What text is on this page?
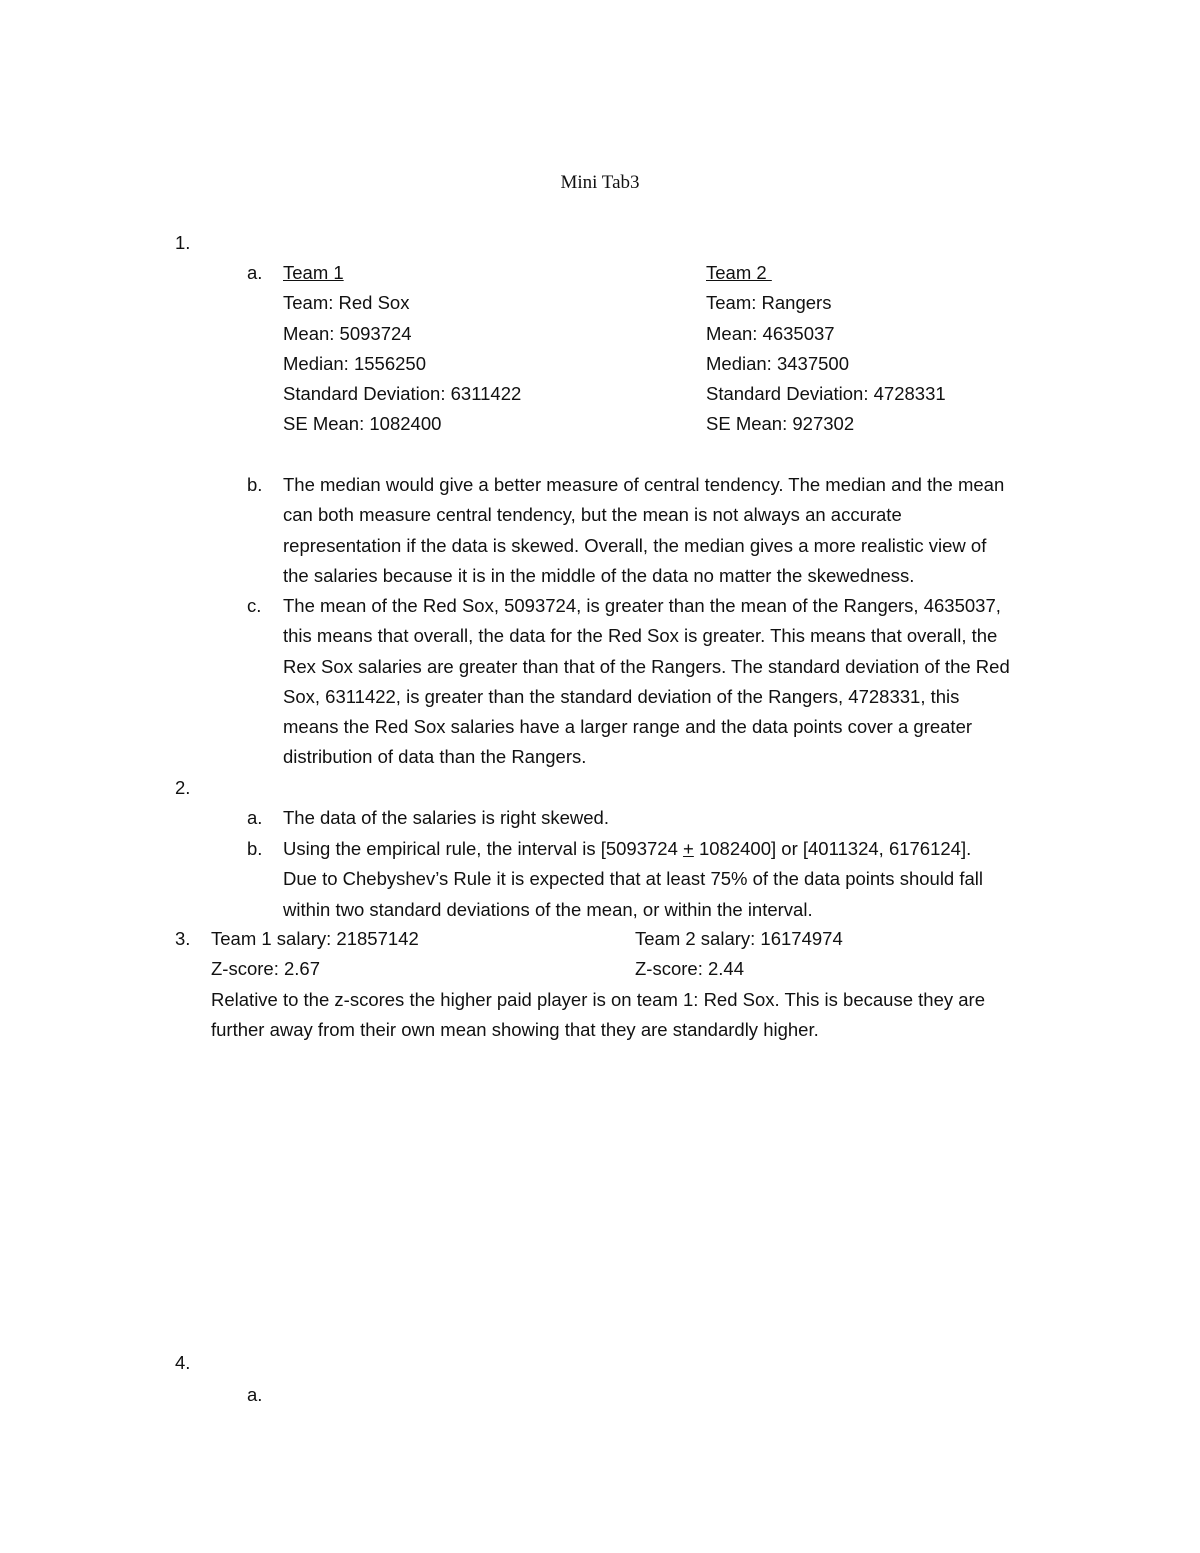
Mini Tab3
1.
a. Team 1
Team: Red Sox
Mean: 5093724
Median: 1556250
Standard Deviation: 6311422
SE Mean: 1082400
Team 2
Team: Rangers
Mean: 4635037
Median: 3437500
Standard Deviation: 4728331
SE Mean: 927302
b. The median would give a better measure of central tendency. The median and the mean
can both measure central tendency, but the mean is not always an accurate
representation if the data is skewed. Overall, the median gives a more realistic view of
the salaries because it is in the middle of the data no matter the skewedness.
c. The mean of the Red Sox, 5093724, is greater than the mean of the Rangers, 4635037,
this means that overall, the data for the Red Sox is greater. This means that overall, the
Rex Sox salaries are greater than that of the Rangers. The standard deviation of the Red
Sox, 6311422, is greater than the standard deviation of the Rangers, 4728331, this
means the Red Sox salaries have a larger range and the data points cover a greater
distribution of data than the Rangers.
2.
a. The data of the salaries is right skewed.
b. Using the empirical rule, the interval is [5093724 + 1082400] or [4011324, 6176124].
Due to Chebyshev’s Rule it is expected that at least 75% of the data points should fall
within two standard deviations of the mean, or within the interval.
3. Team 1 salary: 21857142	Team 2 salary: 16174974
Z-score: 2.67	Z-score: 2.44
Relative to the z-scores the higher paid player is on team 1: Red Sox. This is because they are
further away from their own mean showing that they are standardly higher.
4.
a.
